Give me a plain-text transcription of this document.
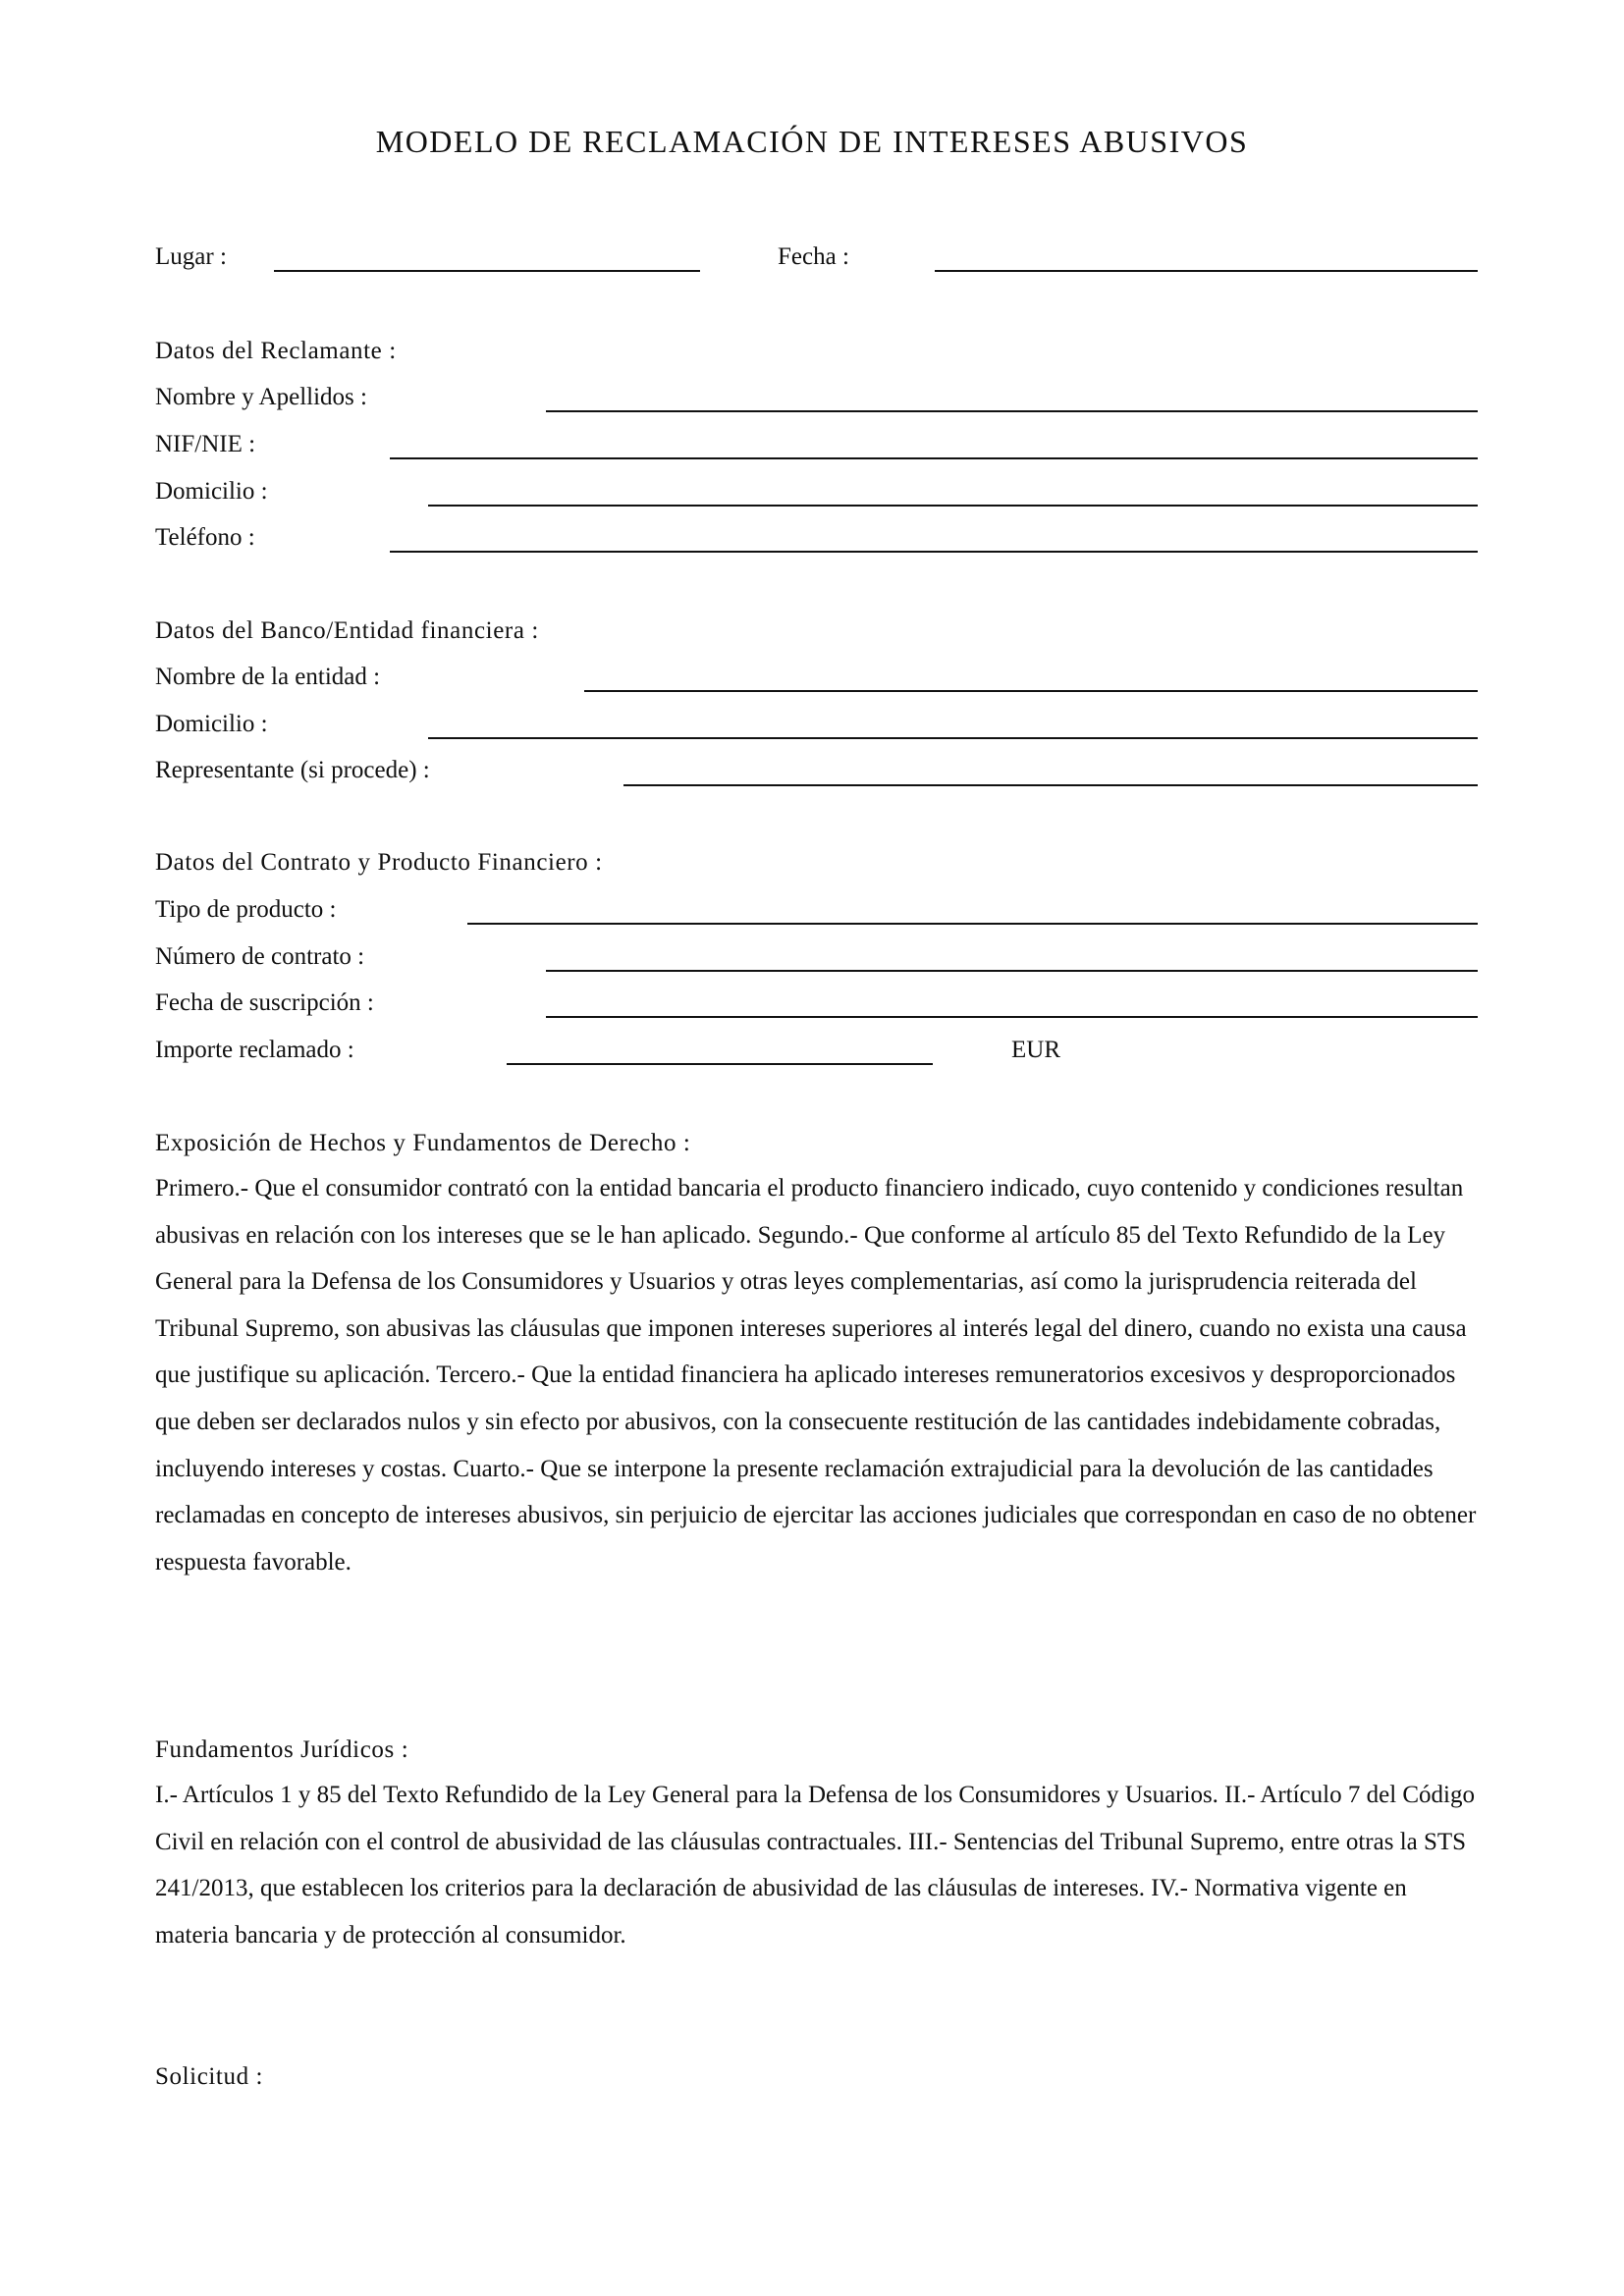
MODELO DE RECLAMACIÓN DE INTERESES ABUSIVOS
Lugar :	Fecha :
Datos del Reclamante :
Nombre y Apellidos :
NIF/NIE :
Domicilio :
Teléfono :
Datos del Banco/Entidad financiera :
Nombre de la entidad :
Domicilio :
Representante (si procede) :
Datos del Contrato y Producto Financiero :
Tipo de producto :
Número de contrato :
Fecha de suscripción :
Importe reclamado :	EUR
Exposición de Hechos y Fundamentos de Derecho :

Primero.- Que el consumidor contrató con la entidad bancaria el producto financiero indicado, cuyo contenido y condiciones resultan abusivas en relación con los intereses que se le han aplicado. Segundo.- Que conforme al artículo 85 del Texto Refundido de la Ley General para la Defensa de los Consumidores y Usuarios y otras leyes complementarias, así como la jurisprudencia reiterada del Tribunal Supremo, son abusivas las cláusulas que imponen intereses superiores al interés legal del dinero, cuando no exista una causa que justifique su aplicación. Tercero.- Que la entidad financiera ha aplicado intereses remuneratorios excesivos y desproporcionados que deben ser declarados nulos y sin efecto por abusivos, con la consecuente restitución de las cantidades indebidamente cobradas, incluyendo intereses y costas. Cuarto.- Que se interpone la presente reclamación extrajudicial para la devolución de las cantidades reclamadas en concepto de intereses abusivos, sin perjuicio de ejercitar las acciones judiciales que correspondan en caso de no obtener respuesta favorable.

Fundamentos Jurídicos :

I.- Artículos 1 y 85 del Texto Refundido de la Ley General para la Defensa de los Consumidores y Usuarios. II.- Artículo 7 del Código Civil en relación con el control de abusividad de las cláusulas contractuales. III.- Sentencias del Tribunal Supremo, entre otras la STS 241/2013, que establecen los criterios para la declaración de abusividad de las cláusulas de intereses. IV.- Normativa vigente en materia bancaria y de protección al consumidor.

Solicitud :
